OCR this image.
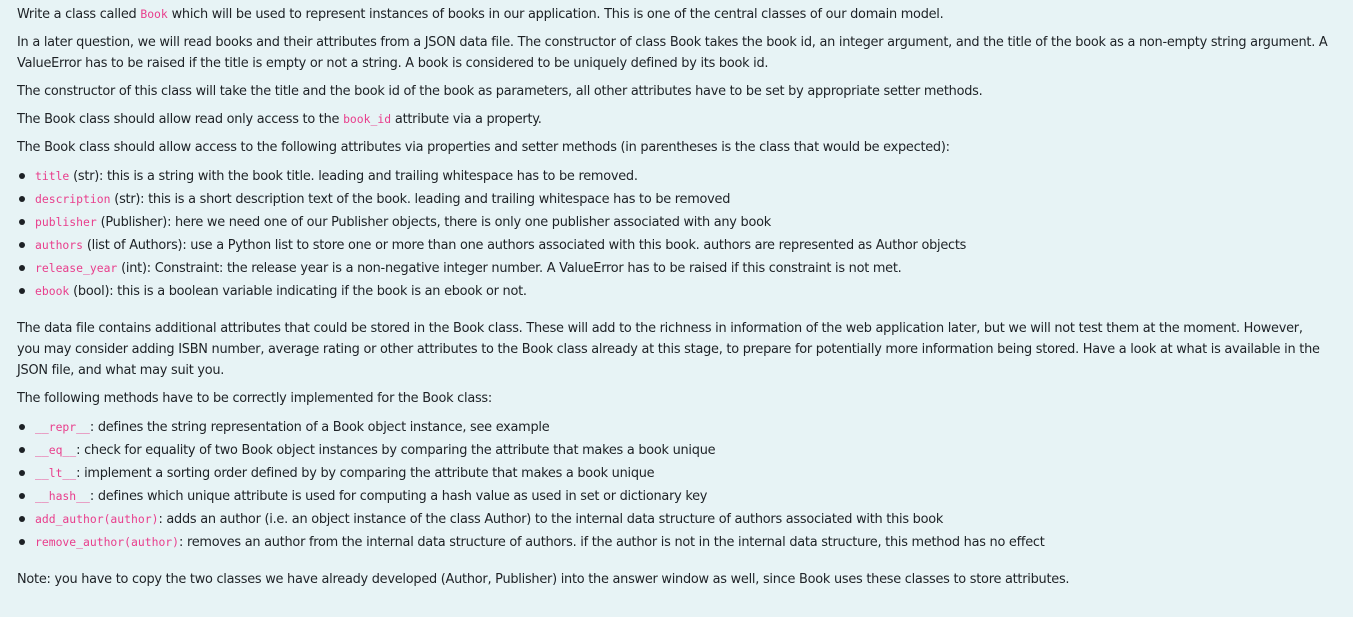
Write a class called Book which will be used to represent instances of books in our application. This is one of the central classes of our domain model.

In a later question, we will read books and their attributes from a JSON data file. The constructor of class Book takes the book id, an integer argument, and the title of the book as a non-empty string argument. A ValueError has to be raised if the title is empty or not a string. A book is considered to be uniquely defined by its book id.

The constructor of this class will take the title and the book id of the book as parameters, all other attributes have to be set by appropriate setter methods.

The Book class should allow read only access to the book_id attribute via a property.

The Book class should allow access to the following attributes via properties and setter methods (in parentheses is the class that would be expected):

title (str): this is a string with the book title. leading and trailing whitespace has to be removed.
description (str): this is a short description text of the book. leading and trailing whitespace has to be removed
publisher (Publisher): here we need one of our Publisher objects, there is only one publisher associated with any book
authors (list of Authors): use a Python list to store one or more than one authors associated with this book. authors are represented as Author objects
release_year (int): Constraint: the release year is a non-negative integer number. A ValueError has to be raised if this constraint is not met.
ebook (bool): this is a boolean variable indicating if the book is an ebook or not.

The data file contains additional attributes that could be stored in the Book class. These will add to the richness in information of the web application later, but we will not test them at the moment. However, you may consider adding ISBN number, average rating or other attributes to the Book class already at this stage, to prepare for potentially more information being stored. Have a look at what is available in the JSON file, and what may suit you.

The following methods have to be correctly implemented for the Book class:

__repr__: defines the string representation of a Book object instance, see example
__eq__: check for equality of two Book object instances by comparing the attribute that makes a book unique
__lt__: implement a sorting order defined by by comparing the attribute that makes a book unique
__hash__: defines which unique attribute is used for computing a hash value as used in set or dictionary key
add_author(author): adds an author (i.e. an object instance of the class Author) to the internal data structure of authors associated with this book
remove_author(author): removes an author from the internal data structure of authors. if the author is not in the internal data structure, this method has no effect

Note: you have to copy the two classes we have already developed (Author, Publisher) into the answer window as well, since Book uses these classes to store attributes.
